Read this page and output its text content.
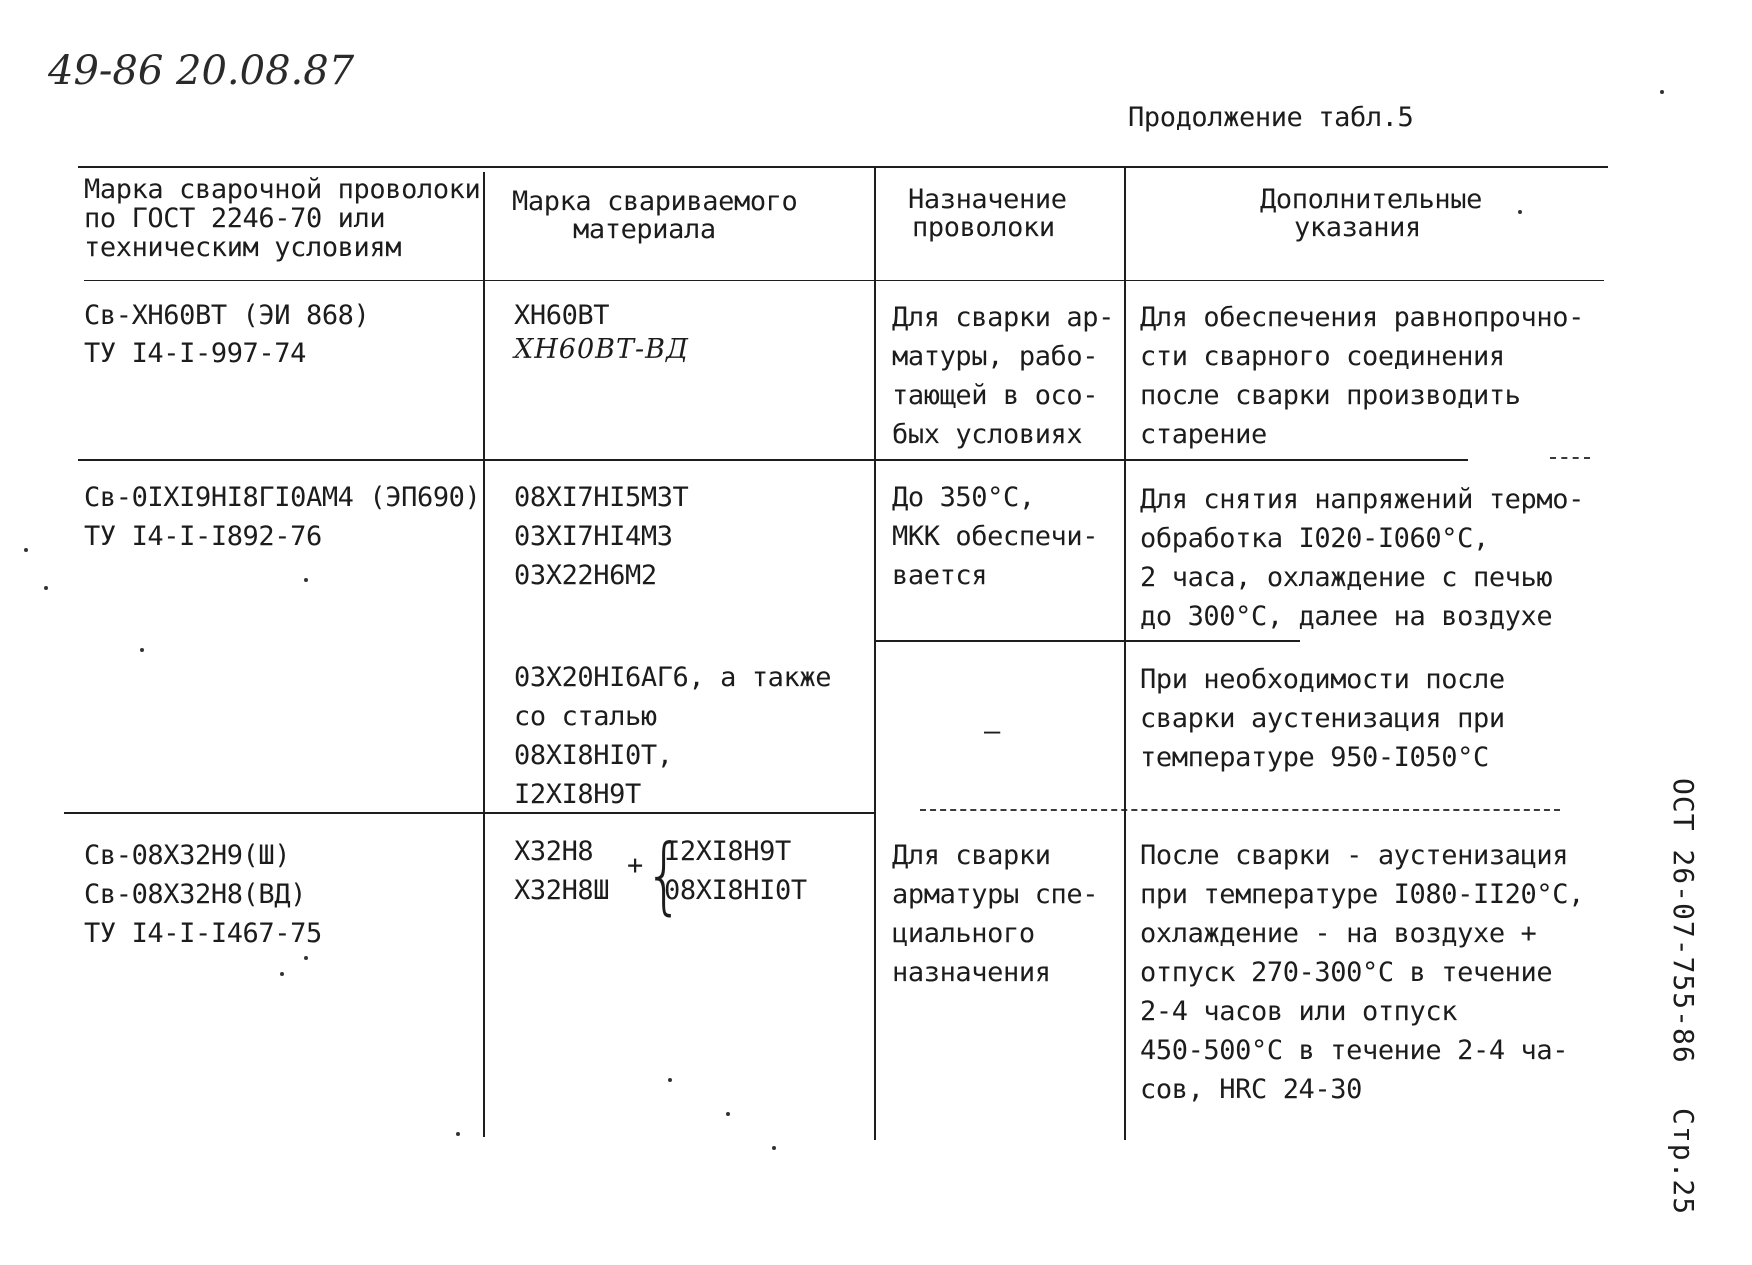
49-86 20.08.87
Продолжение табл.5
Марка сварочной проволоки
по ГОСТ 2246-70 или
техническим условиям
Марка свариваемого
материала
Назначение
проволоки
Дополнительные
указания
Св-ХН60ВТ (ЭИ 868)
ТУ I4-I-997-74
ХН60ВТ
ХН60ВТ-ВД
Для сварки ар-
матуры, рабо-
тающей в осо-
бых условиях
Для обеспечения равнопрочно-
сти сварного соединения
после сварки производить
старение
Св-0IXI9HI8ГI0АМ4 (ЭП690)
ТУ I4-I-I892-76
08XI7HI5M3T
03XI7HI4M3
03X22H6M2
До 350°C,
МКК обеспечи-
вается
Для снятия напряжений термо-
обработка I020-I060°C,
2 часа, охлаждение с печью
до 300°C, далее на воздухе
03X20HI6AГ6, а также
со сталью
08XI8HI0T,
I2XI8H9T
—
При необходимости после
сварки аустенизация при
температуре 950-I050°C
Св-08X32H9(Ш)
Св-08X32H8(ВД)
ТУ I4-I-I467-75
X32H8
X32H8Ш
+ {
I2XI8H9T
08XI8HI0T
Для сварки
арматуры спе-
циального
назначения
После сварки - аустенизация
при температуре I080-II20°C,
охлаждение - на воздухе +
отпуск 270-300°C в течение
2-4 часов или отпуск
450-500°C в течение 2-4 ча-
сов, HRC 24-30
ОСТ 26-07-755-86
Стр.25
